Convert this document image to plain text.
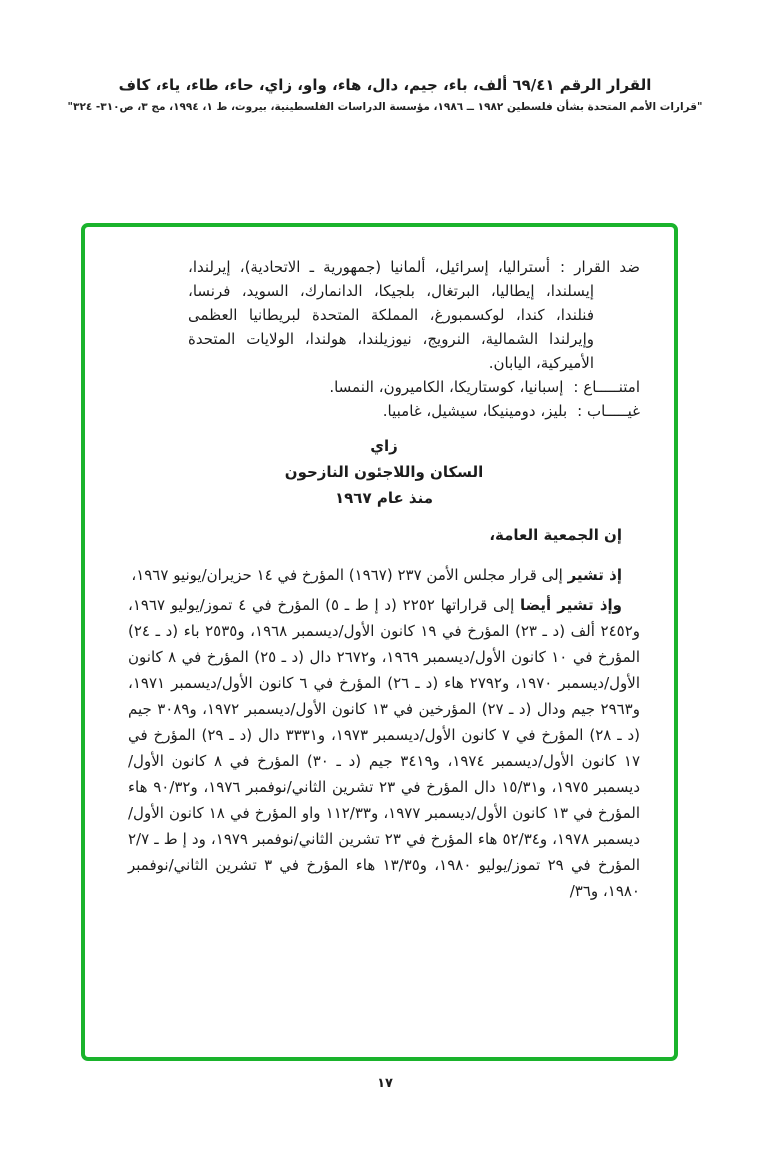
القرار الرقم ٦٩/٤١ ألف، باء، جيم، دال، هاء، واو، زاي، حاء، طاء، ياء، كاف
"قرارات الأمم المتحدة بشأن فلسطين ١٩٨٢ ــ ١٩٨٦، مؤسسة الدراسات الفلسطينية، بيروت، ط ١، ١٩٩٤، مج ٣، ص٣١٠- ٣٢٤"

ضد القرار :أستراليا، إسرائيل، ألمانيا (جمهورية ـ الاتحادية)، إيرلندا، إيسلندا، إيطاليا، البرتغال، بلجيكا، الدانمارك، السويد، فرنسا، فنلندا، كندا، لوكسمبورغ، المملكة المتحدة لبريطانيا العظمى وإيرلندا الشمالية، النرويج، نيوزيلندا، هولندا، الولايات المتحدة الأميركية، اليابان.

امتنـــــاع :إسبانيا، كوستاريكا، الكاميرون، النمسا.

غيـــــاب :بليز، دومينيكا، سيشيل، غامبيا.

زاي
السكان واللاجئون النازحون
منذ عام ١٩٦٧

إن الجمعية العامة،

إذ تشير إلى قرار مجلس الأمن ٢٣٧ (١٩٦٧) المؤرخ في ١٤ حزيران/يونيو ١٩٦٧،

وإذ تشير أيضا إلى قراراتها ٢٢٥٢ (د إ ط ـ ٥) المؤرخ في ٤ تموز/يوليو ١٩٦٧، و٢٤٥٢ ألف (د ـ ٢٣) المؤرخ في ١٩ كانون الأول/ديسمبر ١٩٦٨، و٢٥٣٥ باء (د ـ ٢٤) المؤرخ في ١٠ كانون الأول/ديسمبر ١٩٦٩، و٢٦٧٢ دال (د ـ ٢٥) المؤرخ في ٨ كانون الأول/ديسمبر ١٩٧٠، و٢٧٩٢ هاء (د ـ ٢٦) المؤرخ في ٦ كانون الأول/ديسمبر ١٩٧١، و٢٩٦٣ جيم ودال (د ـ ٢٧) المؤرخين في ١٣ كانون الأول/ديسمبر ١٩٧٢، و٣٠٨٩ جيم (د ـ ٢٨) المؤرخ في ٧ كانون الأول/ديسمبر ١٩٧٣، و٣٣٣١ دال (د ـ ٢٩) المؤرخ في ١٧ كانون الأول/ديسمبر ١٩٧٤، و٣٤١٩ جيم (د ـ ٣٠) المؤرخ في ٨ كانون الأول/ديسمبر ١٩٧٥، و١٥/٣١ دال المؤرخ في ٢٣ تشرين الثاني/نوفمبر ١٩٧٦، و٩٠/٣٢ هاء المؤرخ في ١٣ كانون الأول/ديسمبر ١٩٧٧، و١١٢/٣٣ واو المؤرخ في ١٨ كانون الأول/ديسمبر ١٩٧٨، و٥٢/٣٤ هاء المؤرخ في ٢٣ تشرين الثاني/نوفمبر ١٩٧٩، ود إ ط ـ ٢/٧ المؤرخ في ٢٩ تموز/يوليو ١٩٨٠، و١٣/٣٥ هاء المؤرخ في ٣ تشرين الثاني/نوفمبر ١٩٨٠، و٣٦/

١٧
